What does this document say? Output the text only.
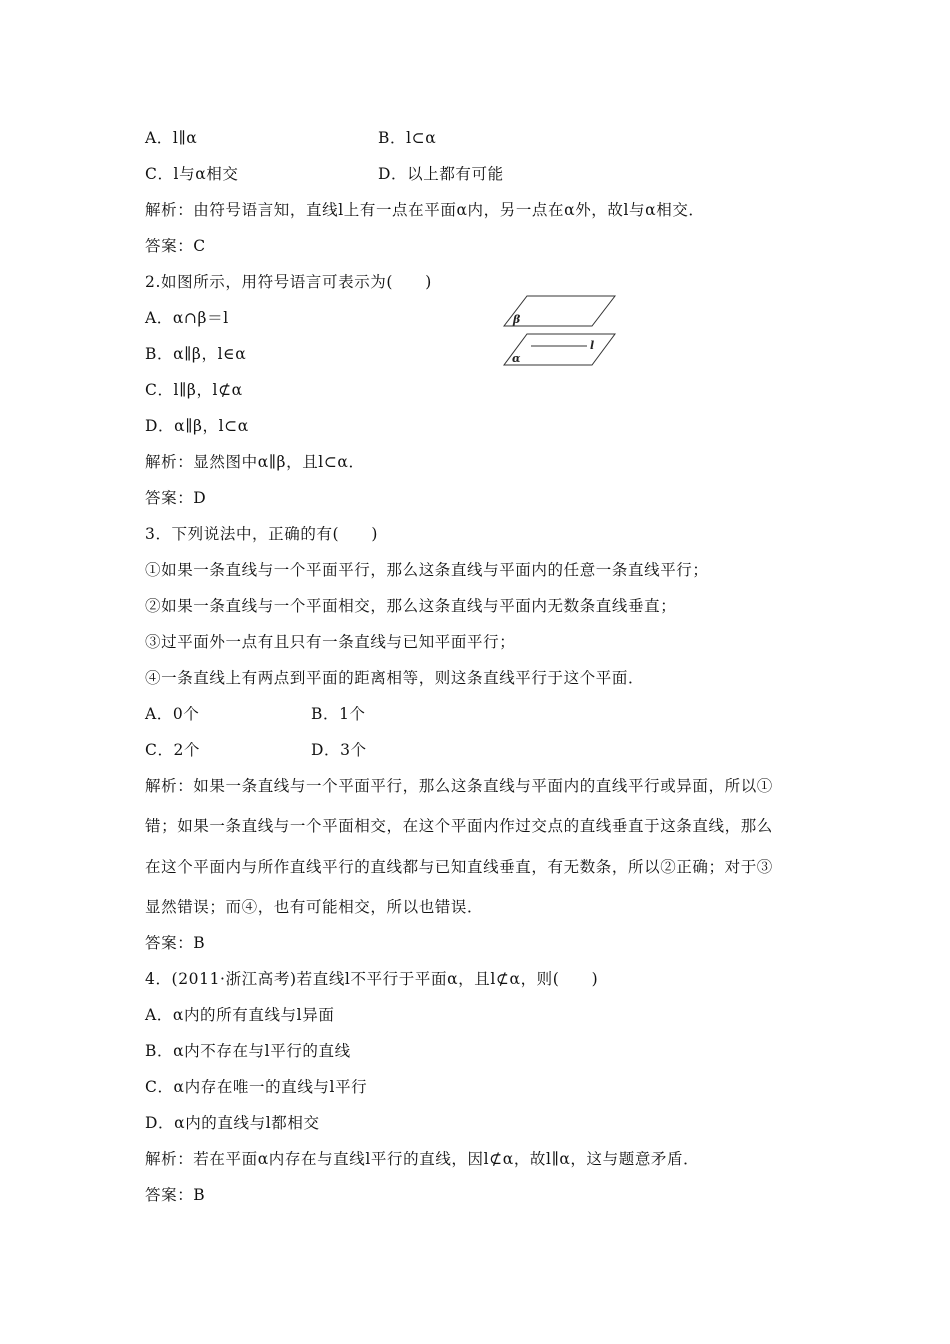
A．l∥α	B．l⊂α
C．l与α相交	D．以上都有可能
解析：由符号语言知，直线l上有一点在平面α内，另一点在α外，故l与α相交．
答案：C
2.如图所示，用符号语言可表示为(　　)
A．α∩β＝l
B．α∥β，l∈α
C．l∥β，l⊄α
D．α∥β，l⊂α
解析：显然图中α∥β，且l⊂α．
答案：D
β
α
l
3．下列说法中，正确的有(　　)
①如果一条直线与一个平面平行，那么这条直线与平面内的任意一条直线平行；
②如果一条直线与一个平面相交，那么这条直线与平面内无数条直线垂直；
③过平面外一点有且只有一条直线与已知平面平行；
④一条直线上有两点到平面的距离相等，则这条直线平行于这个平面．
A．0个	B．1个
C．2个	D．3个
解析：如果一条直线与一个平面平行，那么这条直线与平面内的直线平行或异面，所以①
错；如果一条直线与一个平面相交，在这个平面内作过交点的直线垂直于这条直线，那么
在这个平面内与所作直线平行的直线都与已知直线垂直，有无数条，所以②正确；对于③
显然错误；而④，也有可能相交，所以也错误．
答案：B
4．(2011·浙江高考)若直线l不平行于平面α，且l⊄α，则(　　)
A．α内的所有直线与l异面
B．α内不存在与l平行的直线
C．α内存在唯一的直线与l平行
D．α内的直线与l都相交
解析：若在平面α内存在与直线l平行的直线，因l⊄α，故l∥α，这与题意矛盾．
答案：B
